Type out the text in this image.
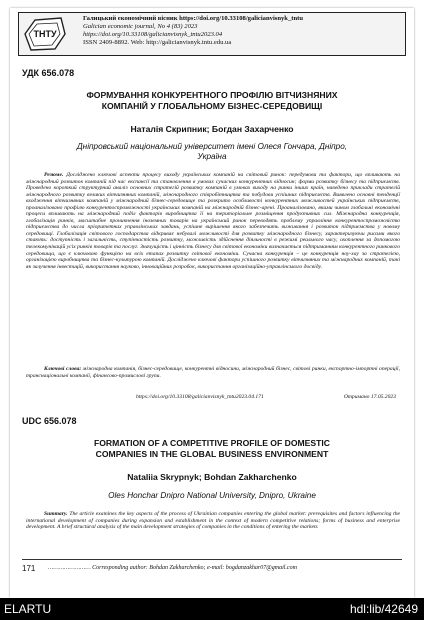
ТНТУ
Галицький економічний вісник https://doi.org/10.33108/galicianvisnyk_tntu
Galician economic journal, No 4 (83) 2023
https://doi.org/10.33108/galicianvisnyk_tntu2023.04
ISSN 2409-8892. Web: http://galicianvisnyk.tntu.edu.ua
УДК 656.078
ФОРМУВАННЯ КОНКУРЕНТНОГО ПРОФІЛЮ ВІТЧИЗНЯНИХ
КОМПАНІЙ У ГЛОБАЛЬНОМУ БІЗНЕС-СЕРЕДОВИЩІ
Наталія Скрипник; Богдан Захарченко
Дніпровський національний університет імені Олеся Гончара, Дніпро,
Україна
Резюме. Досліджено ключові аспекти процесу виходу українських компаній на світовий ринок: передумови та фактори, що впливають на міжнародний розвиток компаній під час експансії та становлення в умовах сучасних конкурентних відносин; форми розвитку бізнесу та підприємств. Проведено короткий структурний аналіз основних стратегій розвитку компаній в умовах виходу на ринки інших країн, наведено приклади стратегій міжнародного розвитку великих вітчизняних компаній, міжнародного співробітництва та побудови успішних підприємств. Виявлено основні тенденції входження вітчизняних компаній у міжнародний бізнес-середовище та розкрито особливості конкурентних можливостей українських підприємств, проаналізовано профілю конкурентоспроможності українських компаній на міжнародній бізнес-арені. Проаналізовано, якими чином глобальні економічні процеси впливають на міжнародний поділ факторів виробництва її на територіальне розміщення продуктивних сил. Міжнародна конкуренція, глобалізація ринків, масштабне проникнення іноземних товарів на український ринок переводять проблему управління конкурентоспроможністю підприємства до числа пріоритетних управлінських завдань, успішне вирішення якого забезпечить виживання і розвиток підприємства у новому середовищі. Глобалізація світового господарства відкриває небувалі можливості для розвитку міжнародного бізнесу, характеризуючи рисами якого стають: доступність і загальність, ступінчастість розвитку, можливість здійснення діяльності в режимі реального часу, охоплення за допомогою телекомунікацій усіх ринків товарів та послуг. Значущість і цінність бізнесу для світової економіки визначається підтриманням конкурентного ринкового середовища, що є ключовою функцією на всіх етапах розвитку світової економіки. Сучасна конкуренція – це конкуренція ноу-хау за стратегією, організацією виробництва та бізнес-культурою компаній. Досліджено ключові фактори успішного розвитку вітчизняних та міжнародних компаній, такі як залучення інвестицій, використання науково, інноваційних розробок, використання організаційно-управлінського досвіду.
Ключові слова: міжнародна компанія, бізнес-середовище, конкурентні відносини, міжнародний бізнес, світові ринки, експортно-імпортні операції, транснаціональні компанії, фінансово-промислові групи.
https://doi.org/10.33108/galicianvisnyk_tntu2023.04.171	Отримано 17.05.2023
UDC 656.078
FORMATION OF A COMPETITIVE PROFILE OF DOMESTIC
COMPANIES IN THE GLOBAL BUSINESS ENVIRONMENT
Nataliia Skrypnyk; Bohdan Zakharchenko
Oles Honchar Dnipro National University, Dnipro, Ukraine
Summary. The article examines the key aspects of the process of Ukrainian companies entering the global market: prerequisites and factors influencing the international development of companies during expansion and establishment in the context of modern competitive relations; forms of business and enterprise development. A brief structural analysis of the main development strategies of companies in the conditions of entering the markets
171 …………………… Corresponding author: Bohdan Zakharchenko; e-mail: bogdanzakhar07@gmail.com
ELARTU	hdl:lib/42649
